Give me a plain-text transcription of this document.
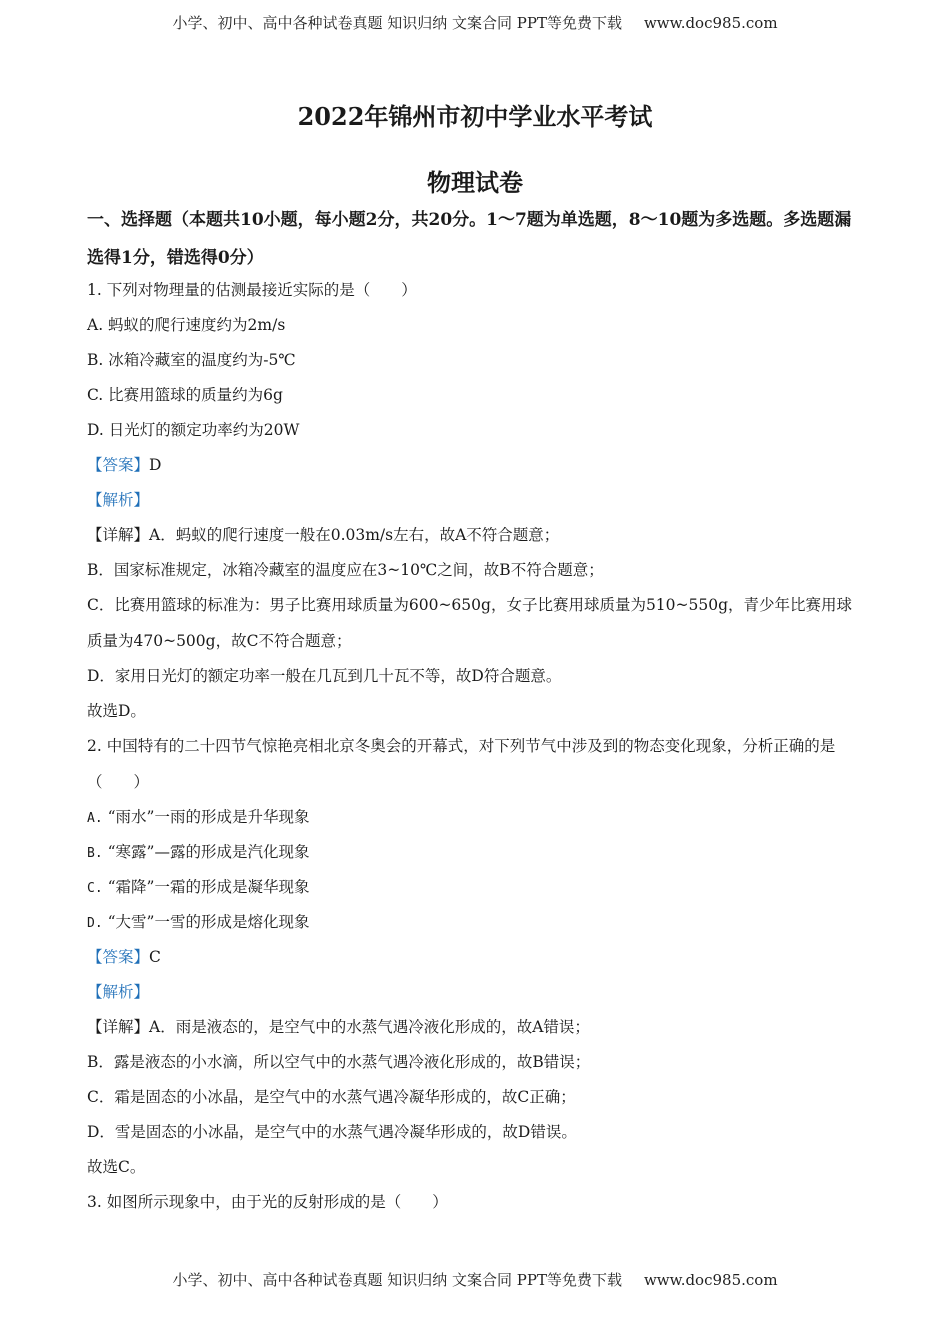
小学、初中、高中各种试卷真题 知识归纳 文案合同 PPT等免费下载 www.doc985.com
2022年锦州市初中学业水平考试
物理试卷
一、选择题（本题共10小题，每小题2分，共20分。1～7题为单选题，8～10题为多选题。多选题漏选得1分，错选得0分）
1. 下列对物理量的估测最接近实际的是（　　）
A. 蚂蚁的爬行速度约为2m/s
B. 冰箱冷藏室的温度约为-5℃
C. 比赛用篮球的质量约为6g
D. 日光灯的额定功率约为20W
【答案】D
【解析】
【详解】A．蚂蚁的爬行速度一般在0.03m/s左右，故A不符合题意；
B．国家标准规定，冰箱冷藏室的温度应在3~10℃之间，故B不符合题意；
C．比赛用篮球的标准为：男子比赛用球质量为600~650g，女子比赛用球质量为510~550g，青少年比赛用球质量为470~500g，故C不符合题意；
D．家用日光灯的额定功率一般在几瓦到几十瓦不等，故D符合题意。
故选D。
2. 中国特有的二十四节气惊艳亮相北京冬奥会的开幕式，对下列节气中涉及到的物态变化现象，分析正确的是（　　）
A. “雨水”一雨的形成是升华现象
B. “寒露”—露的形成是汽化现象
C. “霜降”一霜的形成是凝华现象
D. “大雪”一雪的形成是熔化现象
【答案】C
【解析】
【详解】A．雨是液态的，是空气中的水蒸气遇冷液化形成的，故A错误；
B．露是液态的小水滴，所以空气中的水蒸气遇冷液化形成的，故B错误；
C．霜是固态的小冰晶，是空气中的水蒸气遇冷凝华形成的，故C正确；
D．雪是固态的小冰晶，是空气中的水蒸气遇冷凝华形成的，故D错误。
故选C。
3. 如图所示现象中，由于光的反射形成的是（　　）
小学、初中、高中各种试卷真题 知识归纳 文案合同 PPT等免费下载 www.doc985.com
